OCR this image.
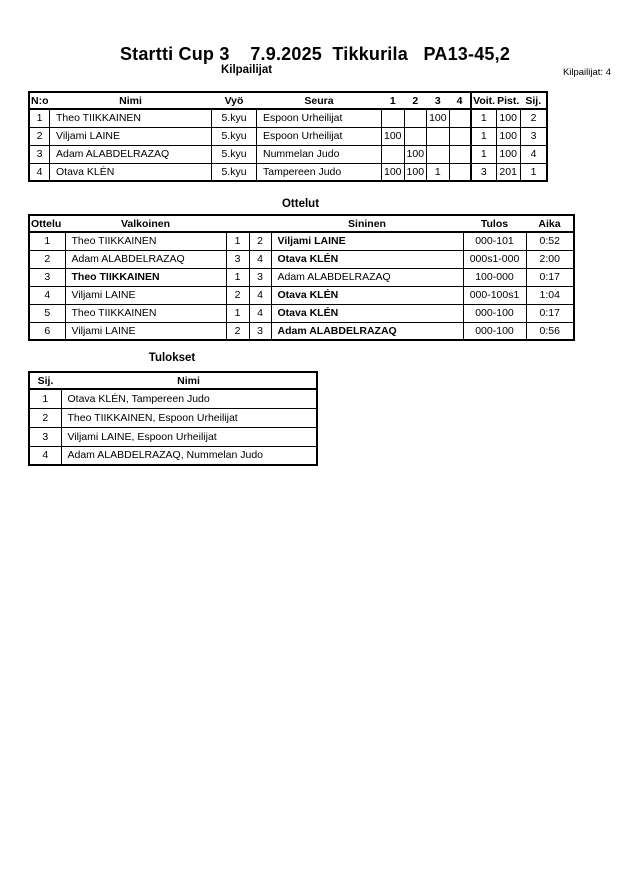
Startti Cup 3    7.9.2025  Tikkurila   PA13-45,2
Kilpailijat	Kilpailijat: 4
N:o	Nimi	Vyö	Seura	1	2	3	4	Voit.	Pist.	Sij.
1	Theo TIIKKAINEN	5.kyu	Espoon Urheilijat			100		1	100	2
2	Viljami LAINE	5.kyu	Espoon Urheilijat	100				1	100	3
3	Adam ALABDELRAZAQ	5.kyu	Nummelan Judo		100			1	100	4
4	Otava KLÉN	5.kyu	Tampereen Judo	100	100	1		3	201	1
Ottelut
Ottelu	Valkoinen			Sininen	Tulos	Aika
1	Theo TIIKKAINEN	1	2	Viljami LAINE	000-101	0:52
2	Adam ALABDELRAZAQ	3	4	Otava KLÉN	000s1-000	2:00
3	Theo TIIKKAINEN	1	3	Adam ALABDELRAZAQ	100-000	0:17
4	Viljami LAINE	2	4	Otava KLÉN	000-100s1	1:04
5	Theo TIIKKAINEN	1	4	Otava KLÉN	000-100	0:17
6	Viljami LAINE	2	3	Adam ALABDELRAZAQ	000-100	0:56
Tulokset
Sij.	Nimi
1	Otava KLÉN, Tampereen Judo
2	Theo TIIKKAINEN, Espoon Urheilijat
3	Viljami LAINE, Espoon Urheilijat
4	Adam ALABDELRAZAQ, Nummelan Judo
